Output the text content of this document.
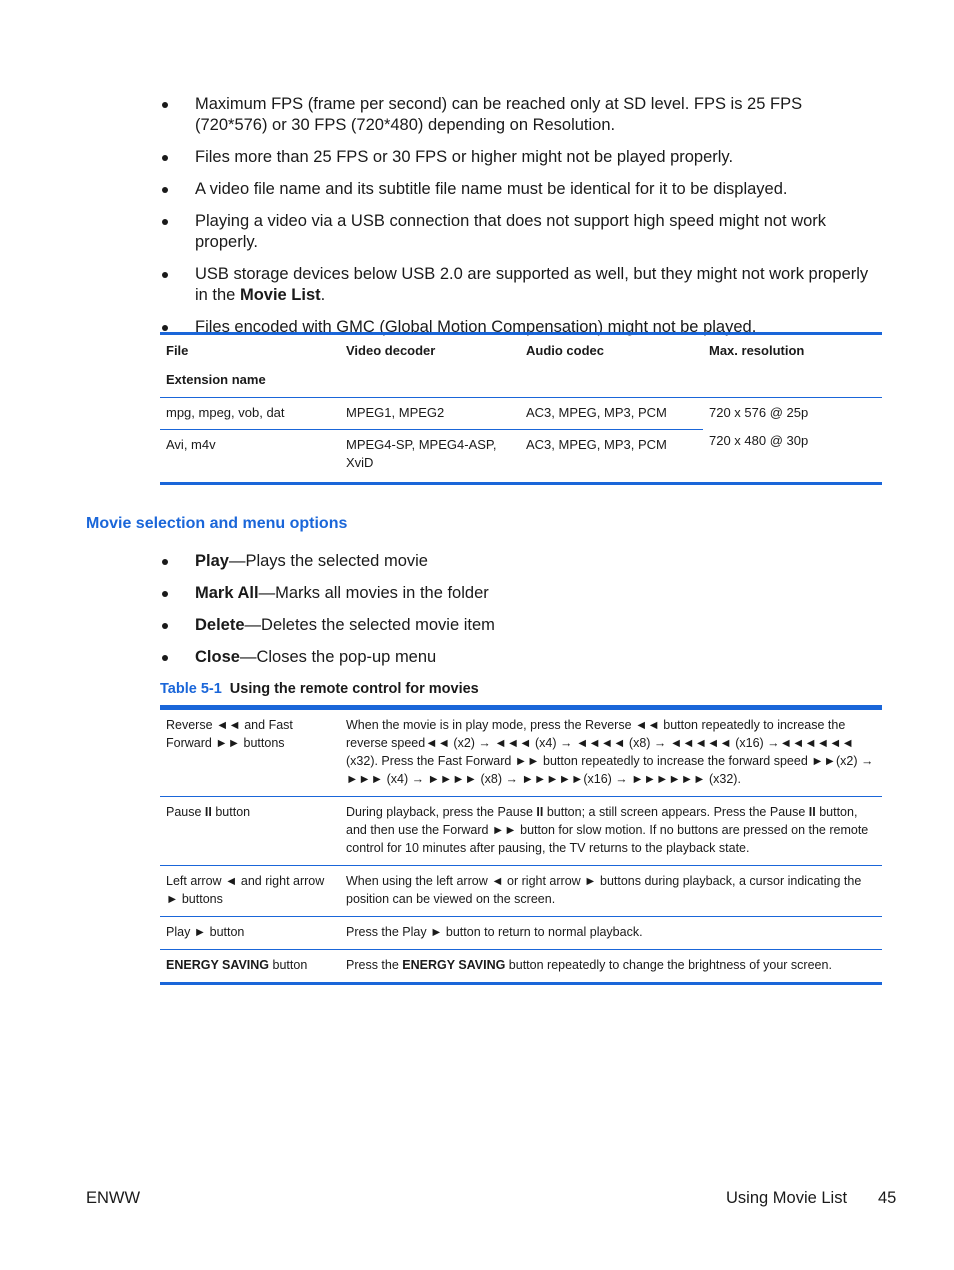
Maximum FPS (frame per second) can be reached only at SD level. FPS is 25 FPS (720*576) or 30 FPS (720*480) depending on Resolution.
Files more than 25 FPS or 30 FPS or higher might not be played properly.
A video file name and its subtitle file name must be identical for it to be displayed.
Playing a video via a USB connection that does not support high speed might not work properly.
USB storage devices below USB 2.0 are supported as well, but they might not work properly in the Movie List.
Files encoded with GMC (Global Motion Compensation) might not be played.
File	Video decoder	Audio codec	Max. resolution
Extension name			
mpg, mpeg, vob, dat	MPEG1, MPEG2	AC3, MPEG, MP3, PCM	720 x 576 @ 25p
Avi, m4v	MPEG4-SP, MPEG4-ASP, XviD	AC3, MPEG, MP3, PCM	720 x 480 @ 30p
Movie selection and menu options
Play—Plays the selected movie
Mark All—Marks all movies in the folder
Delete—Deletes the selected movie item
Close—Closes the pop-up menu
Table 5-1 Using the remote control for movies
Reverse ◄◄ and Fast Forward ►► buttons	When the movie is in play mode, press the Reverse ◄◄ button repeatedly to increase the reverse speed◄◄ (x2) → ◄◄◄ (x4) → ◄◄◄◄ (x8) → ◄◄◄◄◄ (x16) →◄◄◄◄◄◄ (x32). Press the Fast Forward ►► button repeatedly to increase the forward speed ►►(x2) → ►►► (x4) → ►►►► (x8) → ►►►►►(x16) → ►►►►►► (x32).
Pause II button	During playback, press the Pause II button; a still screen appears. Press the Pause II button, and then use the Forward ►► button for slow motion. If no buttons are pressed on the remote control for 10 minutes after pausing, the TV returns to the playback state.
Left arrow ◄ and right arrow ► buttons	When using the left arrow ◄ or right arrow ► buttons during playback, a cursor indicating the position can be viewed on the screen.
Play ► button	Press the Play ► button to return to normal playback.
ENERGY SAVING button	Press the ENERGY SAVING button repeatedly to change the brightness of your screen.
ENWW	Using Movie List 45
